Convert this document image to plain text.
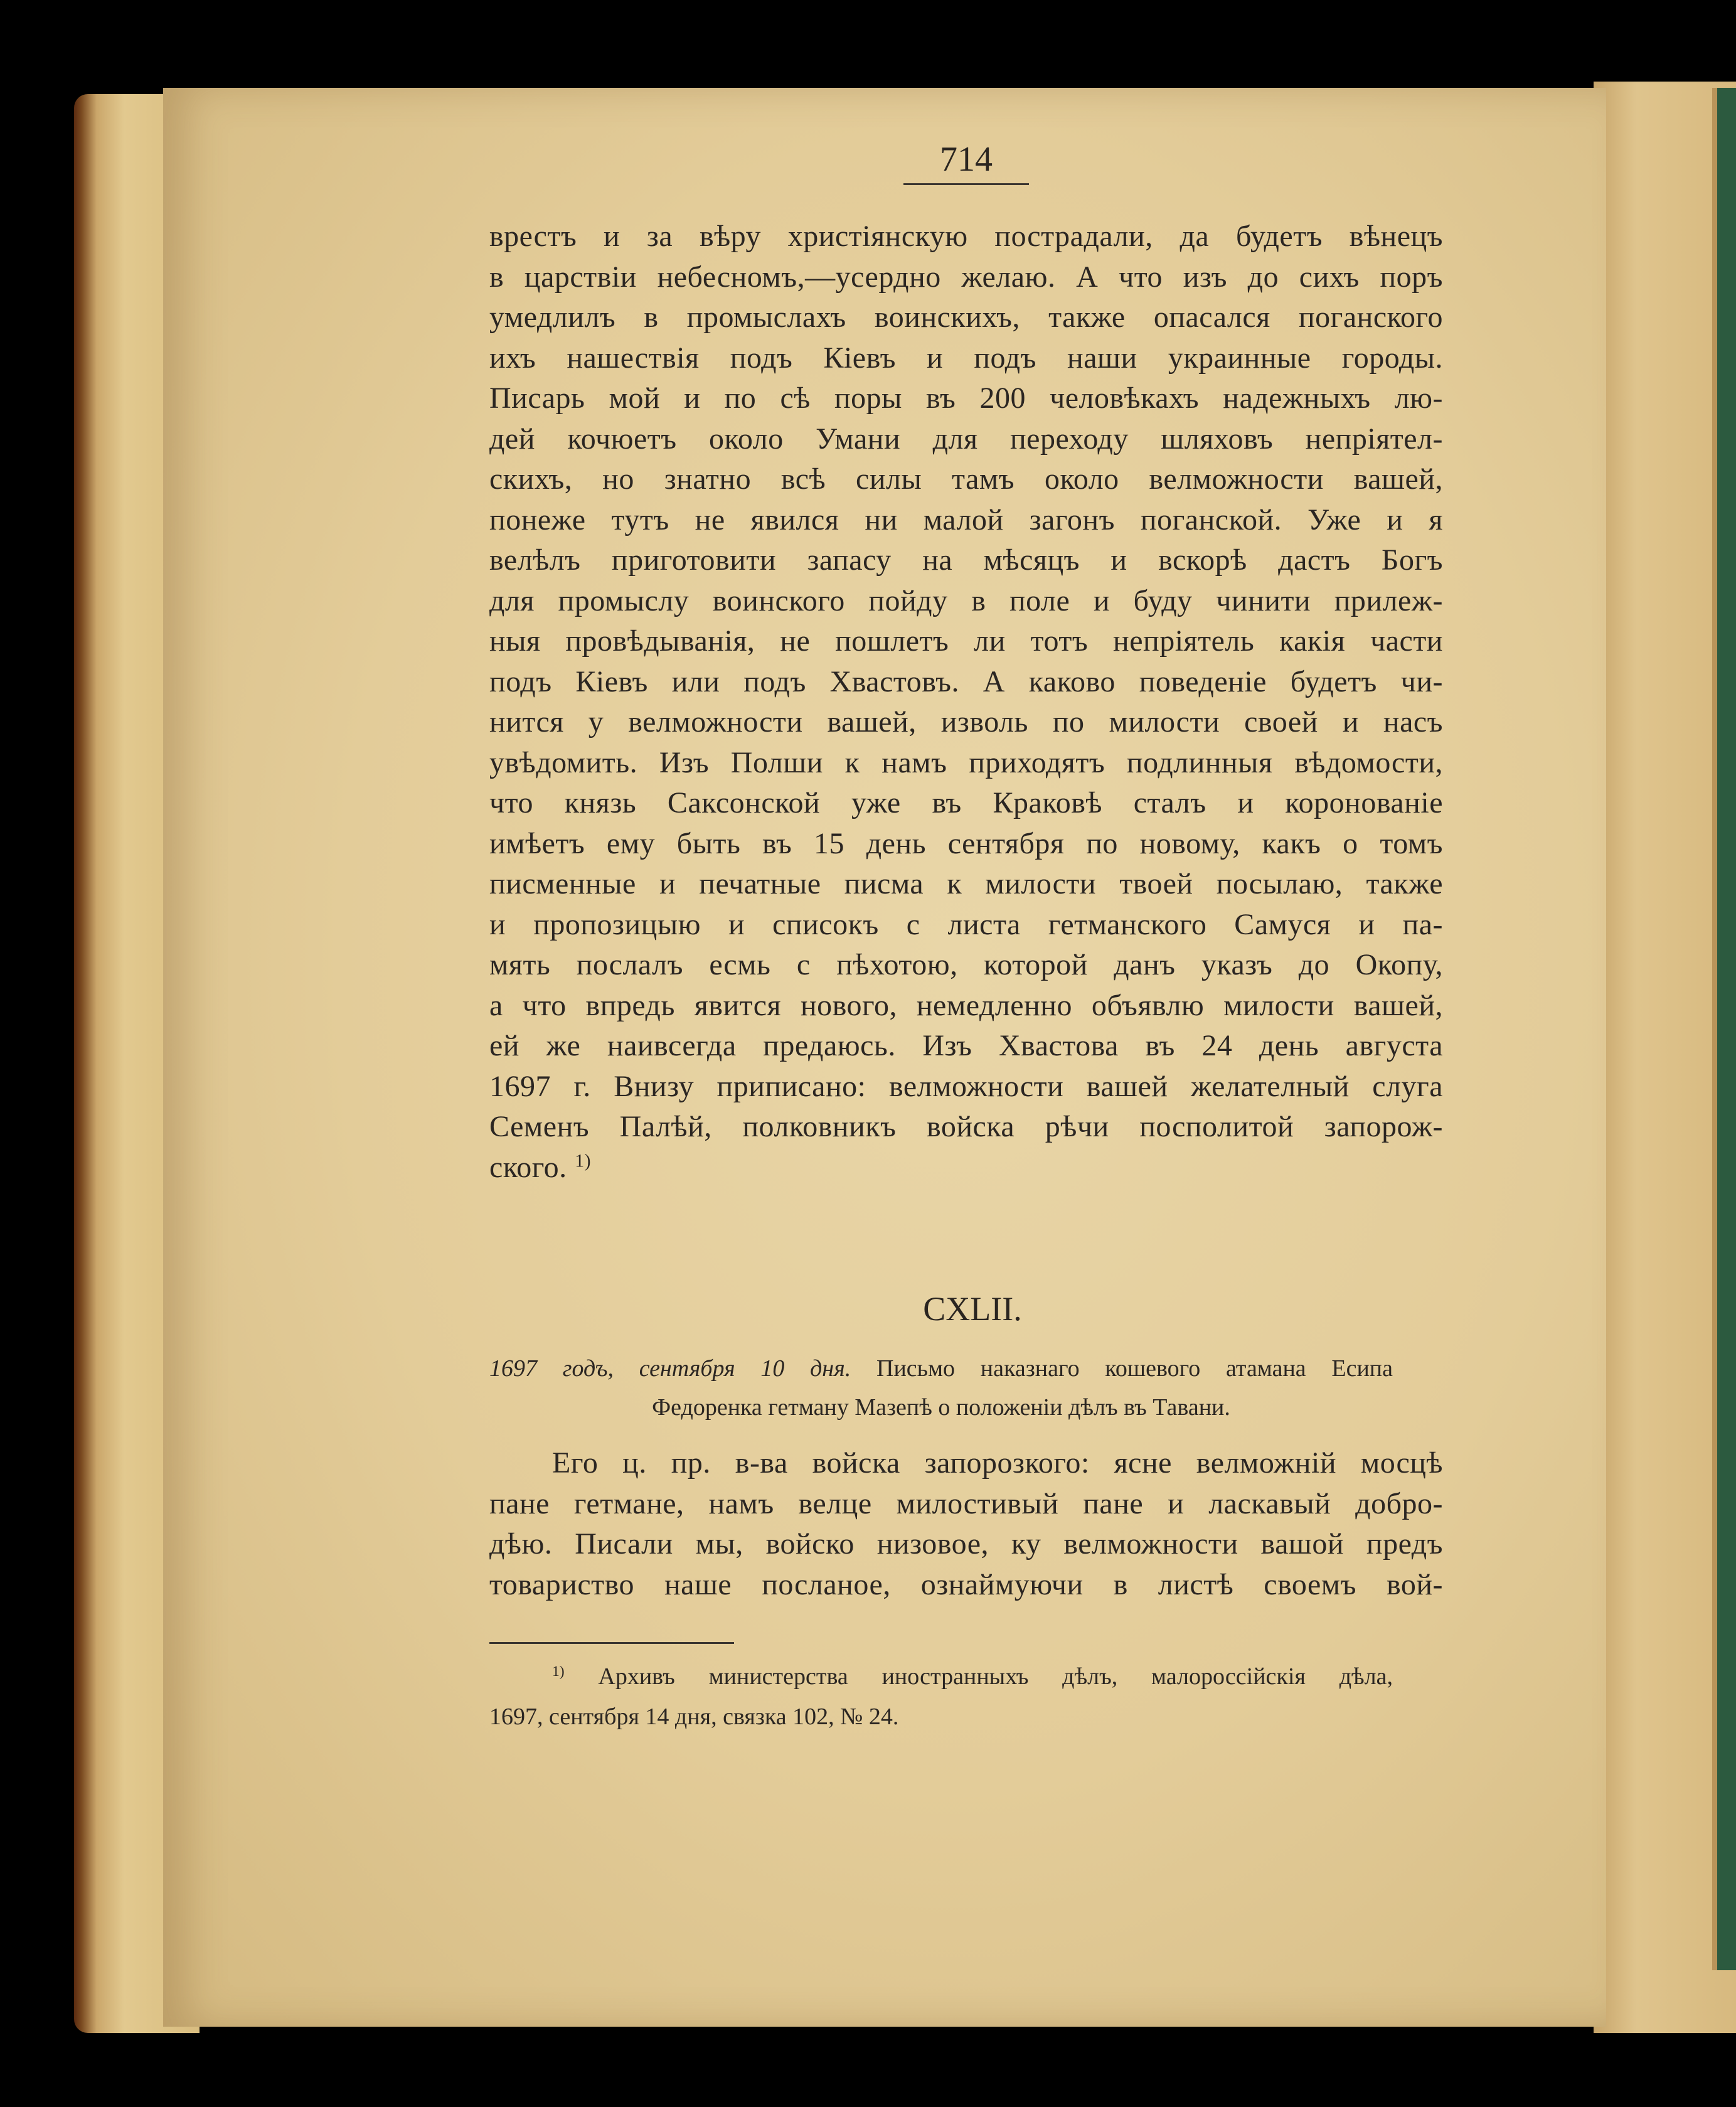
714
врестъ и за вѣру христіянскую пострадали, да будетъ вѣнецъ
в царствіи небесномъ,—усердно желаю. А что изъ до сихъ поръ
умедлилъ в промыслахъ воинскихъ, также опасался поганского
ихъ нашествія подъ Кіевъ и подъ наши украинные городы.
Писарь мой и по сѣ поры въ 200 человѣкахъ надежныхъ лю-
дей кочюетъ около Умани для переходу шляховъ непріятел-
скихъ, но знатно всѣ силы тамъ около велможности вашей,
понеже тутъ не явился ни малой загонъ поганской. Уже и я
велѣлъ приготовити запасу на мѣсяцъ и вскорѣ дастъ Богъ
для промыслу воинского пойду в поле и буду чинити прилеж-
ныя провѣдыванія, не пошлетъ ли тотъ непріятель какія части
подъ Кіевъ или подъ Хвастовъ. А каково поведеніе будетъ чи-
нится у велможности вашей, изволь по милости своей и насъ
увѣдомить. Изъ Полши к намъ приходятъ подлинныя вѣдомости,
что князь Саксонской уже въ Краковѣ сталъ и коронованіе
имѣетъ ему быть въ 15 день сентября по новому, какъ о томъ
писменные и печатные писма к милости твоей посылаю, также
и пропозицыю и списокъ с листа гетманского Самуся и па-
мять послалъ есмь с пѣхотою, которой данъ указъ до Окопу,
а что впредь явится нового, немедленно объявлю милости вашей,
ей же наивсегда предаюсь. Изъ Хвастова въ 24 день августа
1697 г. Внизу приписано: велможности вашей желателный слуга
Семенъ Палѣй, полковникъ войска рѣчи посполитой запорож-
ского. $^{1)}$
CXLII.
1697 годъ, сентября 10 дня. Письмо наказнаго кошевого атамана Есипа
Федоренка гетману Мазепѣ о положеніи дѣлъ въ Тавани.
Его ц. пр. в-ва войска запорозкого: ясне велможній мосцѣ
пане гетмане, намъ велце милостивый пане и ласкавый добро-
дѣю. Писали мы, войско низовое, ку велможности вашой предъ
товариство наше посланое, ознаймуючи в листѣ своемъ вой-
$^{1)}$ Архивъ министерства иностранныхъ дѣлъ, малороссійскія дѣла,
1697, сентября 14 дня, связка 102, № 24.
